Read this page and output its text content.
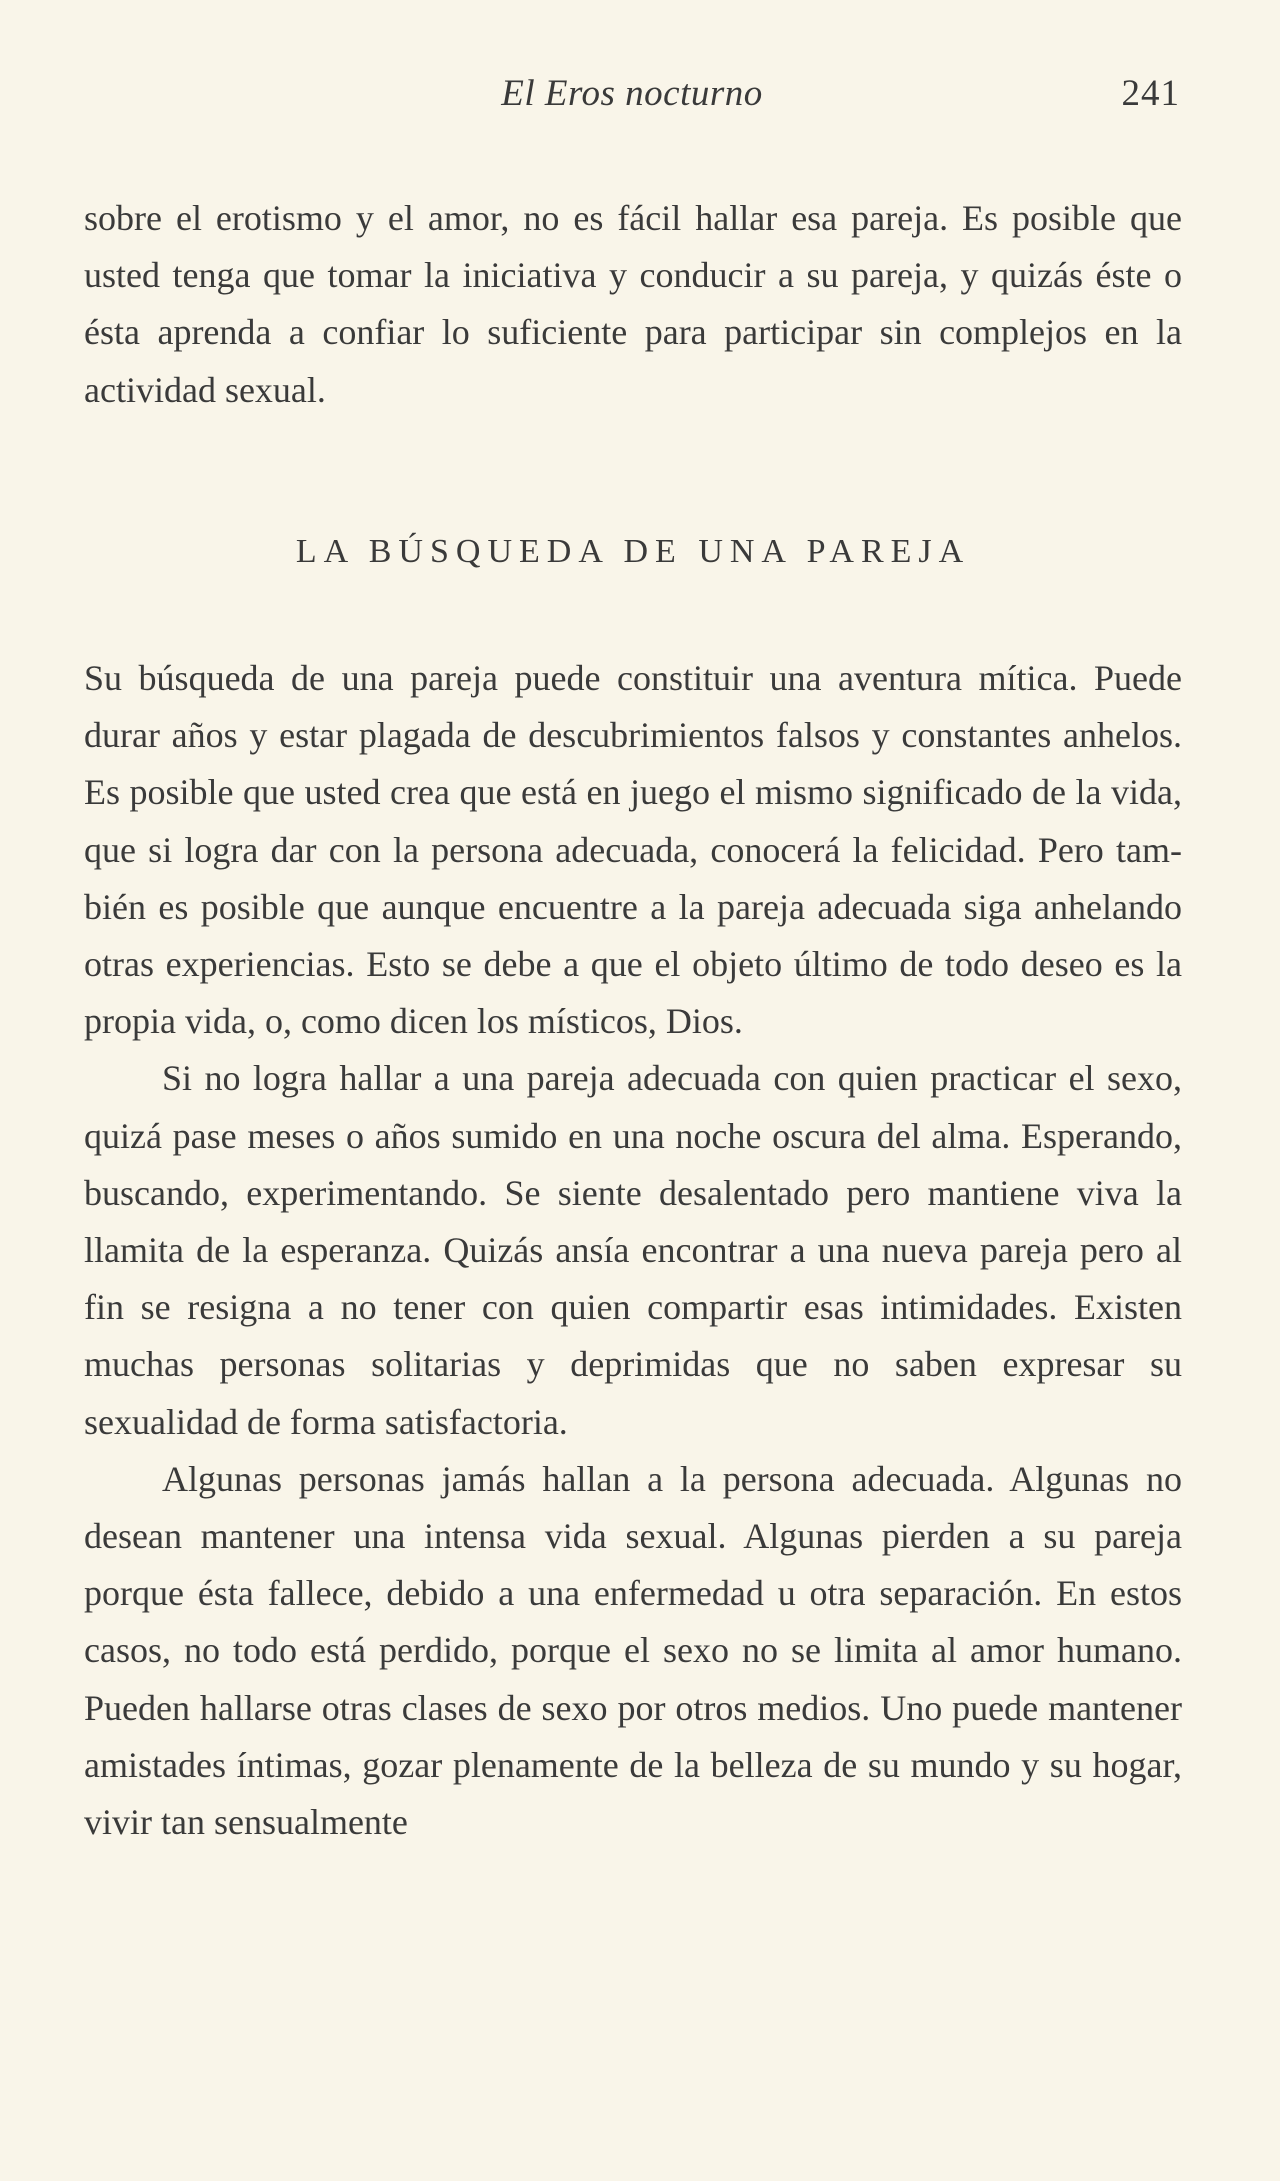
El Eros nocturno	241

sobre el erotismo y el amor, no es fácil hallar esa pareja. Es posible que usted tenga que tomar la iniciativa y conducir a su pareja, y quizás éste o ésta aprenda a confiar lo suficiente para participar sin complejos en la actividad sexual.

LA BÚSQUEDA DE UNA PAREJA

Su búsqueda de una pareja puede constituir una aventura mítica. Puede durar años y estar plagada de descubrimientos falsos y constantes anhelos. Es posible que usted crea que está en juego el mismo significado de la vida, que si logra dar con la persona adecuada, conocerá la felicidad. Pero también es posible que aunque encuentre a la pareja adecuada siga anhelando otras experiencias. Esto se debe a que el objeto último de todo deseo es la propia vida, o, como dicen los místicos, Dios.

Si no logra hallar a una pareja adecuada con quien practicar el sexo, quizá pase meses o años sumido en una noche oscura del alma. Esperando, buscando, experimentando. Se siente desalentado pero mantiene viva la llamita de la esperanza. Quizás ansía encontrar a una nueva pareja pero al fin se resigna a no tener con quien compartir esas intimidades. Existen muchas personas solitarias y deprimidas que no saben expresar su sexualidad de forma satisfactoria.

Algunas personas jamás hallan a la persona adecuada. Algunas no desean mantener una intensa vida sexual. Algunas pierden a su pareja porque ésta fallece, debido a una enfermedad u otra separación. En estos casos, no todo está perdido, porque el sexo no se limita al amor humano. Pueden hallarse otras clases de sexo por otros medios. Uno puede mantener amistades íntimas, gozar plenamente de la belleza de su mundo y su hogar, vivir tan sensualmente
